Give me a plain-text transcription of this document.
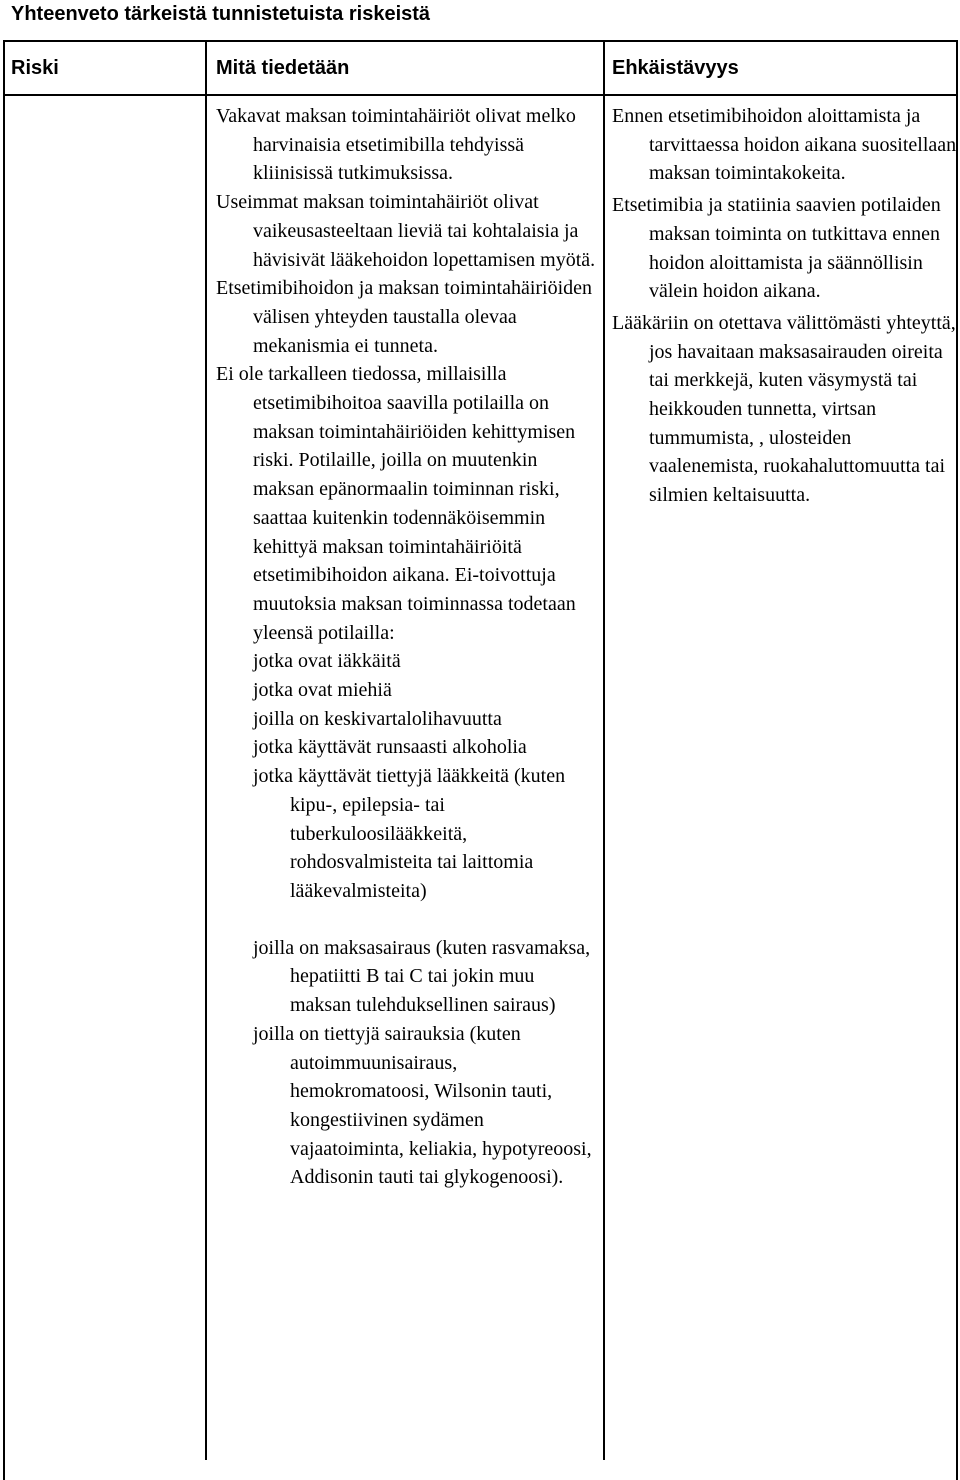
Yhteenveto tärkeistä tunnistetuista riskeistä
Riski	Mitä tiedetään	Ehkäistävyys

Vakavat maksan toimintahäiriöt olivat melko harvinaisia etsetimibilla tehdyissä kliinisissä tutkimuksissa.

Useimmat maksan toimintahäiriöt olivat vaikeusasteeltaan lieviä tai kohtalaisia ja hävisivät lääkehoidon lopettamisen myötä.

Etsetimibihoidon ja maksan toimintahäiriöiden välisen yhteyden taustalla olevaa mekanismia ei tunneta.

Ei ole tarkalleen tiedossa, millaisilla etsetimibihoitoa saavilla potilailla on maksan toimintahäiriöiden kehittymisen riski. Potilaille, joilla on muutenkin maksan epänormaalin toiminnan riski, saattaa kuitenkin todennäköisemmin kehittyä maksan toimintahäiriöitä etsetimibihoidon aikana. Ei-toivottuja muutoksia maksan toiminnassa todetaan yleensä potilailla:

jotka ovat iäkkäitä
jotka ovat miehiä
joilla on keskivartalolihavuutta
jotka käyttävät runsaasti alkoholia
jotka käyttävät tiettyjä lääkkeitä (kuten kipu-, epilepsia- tai tuberkuloosilääkkeitä, rohdosvalmisteita tai laittomia lääkevalmisteita)
joilla on maksasairaus (kuten rasvamaksa, hepatiitti B tai C tai jokin muu maksan tulehduksellinen sairaus)
joilla on tiettyjä sairauksia (kuten autoimmuunisairaus, hemokromatoosi, Wilsonin tauti, kongestiivinen sydämen vajaatoiminta, keliakia, hypotyreoosi, Addisonin tauti tai glykogenoosi).

Ennen etsetimibihoidon aloittamista ja tarvittaessa hoidon aikana suositellaan maksan toimintakokeita.

Etsetimibia ja statiinia saavien potilaiden maksan toiminta on tutkittava ennen hoidon aloittamista ja säännöllisin välein hoidon aikana.

Lääkäriin on otettava välittömästi yhteyttä, jos havaitaan maksasairauden oireita tai merkkejä, kuten väsymystä tai heikkouden tunnetta, virtsan tummumista, , ulosteiden vaalenemista, ruokahaluttomuutta tai silmien keltaisuutta.
